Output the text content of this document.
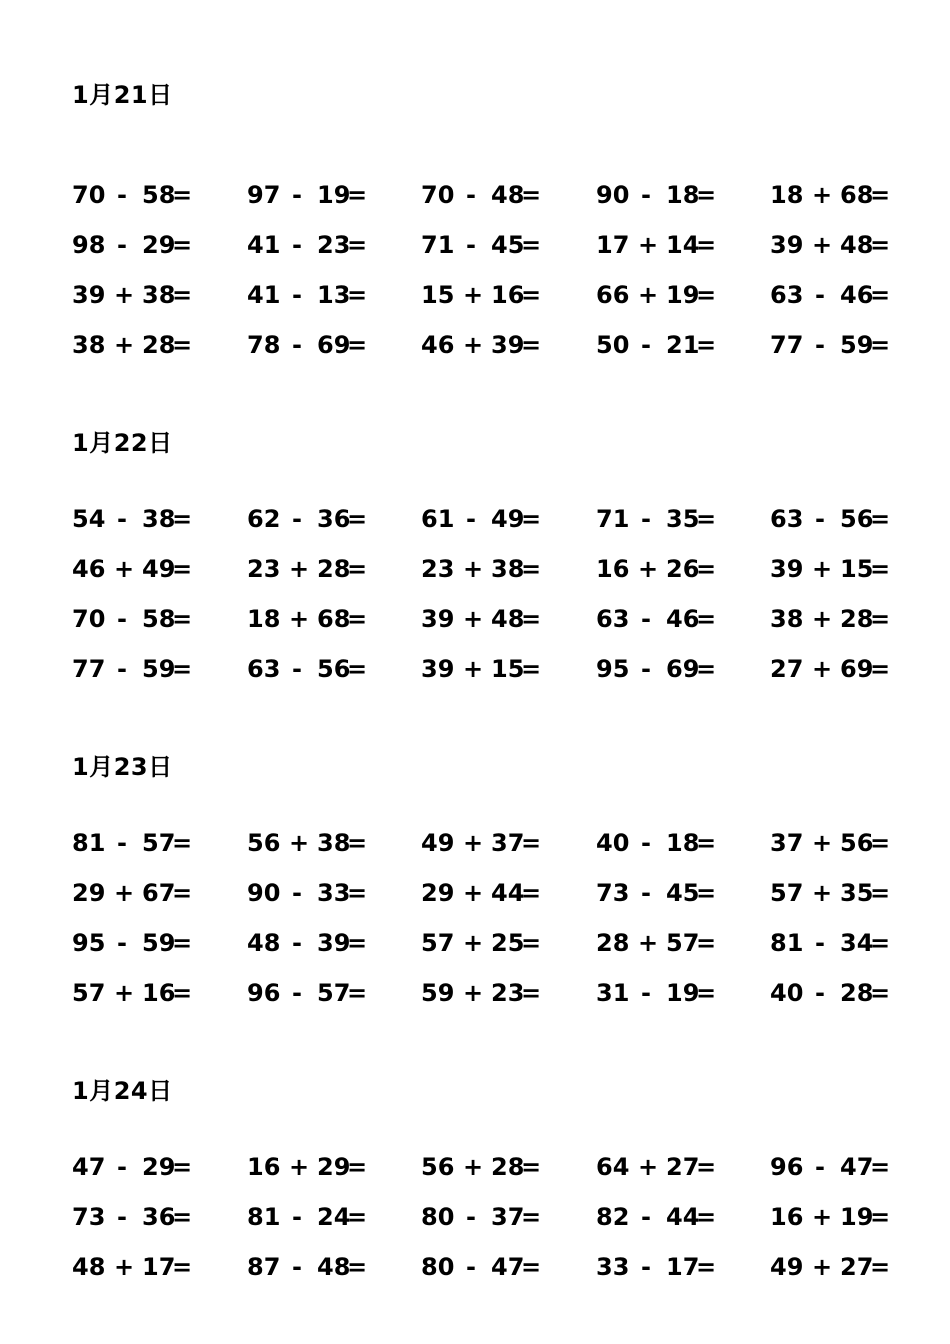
1月21日
70 - 58
= 97 - 19
= 70 - 48
= 90 - 18
= 18 + 68
=
98 - 29
= 41 - 23
= 71 - 45
= 17 + 14
= 39 + 48
=
39 + 38
= 41 - 13
= 15 + 16
= 66 + 19
= 63 - 46
=
38 + 28
= 78 - 69
= 46 + 39
= 50 - 21
= 77 - 59
=
1月22日
54 - 38
= 62 - 36
= 61 - 49
= 71 - 35
= 63 - 56
=
46 + 49
= 23 + 28
= 23 + 38
= 16 + 26
= 39 + 15
=
70 - 58
= 18 + 68
= 39 + 48
= 63 - 46
= 38 + 28
=
77 - 59
= 63 - 56
= 39 + 15
= 95 - 69
= 27 + 69
=
1月23日
81 - 57
= 56 + 38
= 49 + 37
= 40 - 18
= 37 + 56
=
29 + 67
= 90 - 33
= 29 + 44
= 73 - 45
= 57 + 35
=
95 - 59
= 48 - 39
= 57 + 25
= 28 + 57
= 81 - 34
=
57 + 16
= 96 - 57
= 59 + 23
= 31 - 19
= 40 - 28
=
1月24日
47 - 29
= 16 + 29
= 56 + 28
= 64 + 27
= 96 - 47
=
73 - 36
= 81 - 24
= 80 - 37
= 82 - 44
= 16 + 19
=
48 + 17
= 87 - 48
= 80 - 47
= 33 - 17
= 49 + 27
=
